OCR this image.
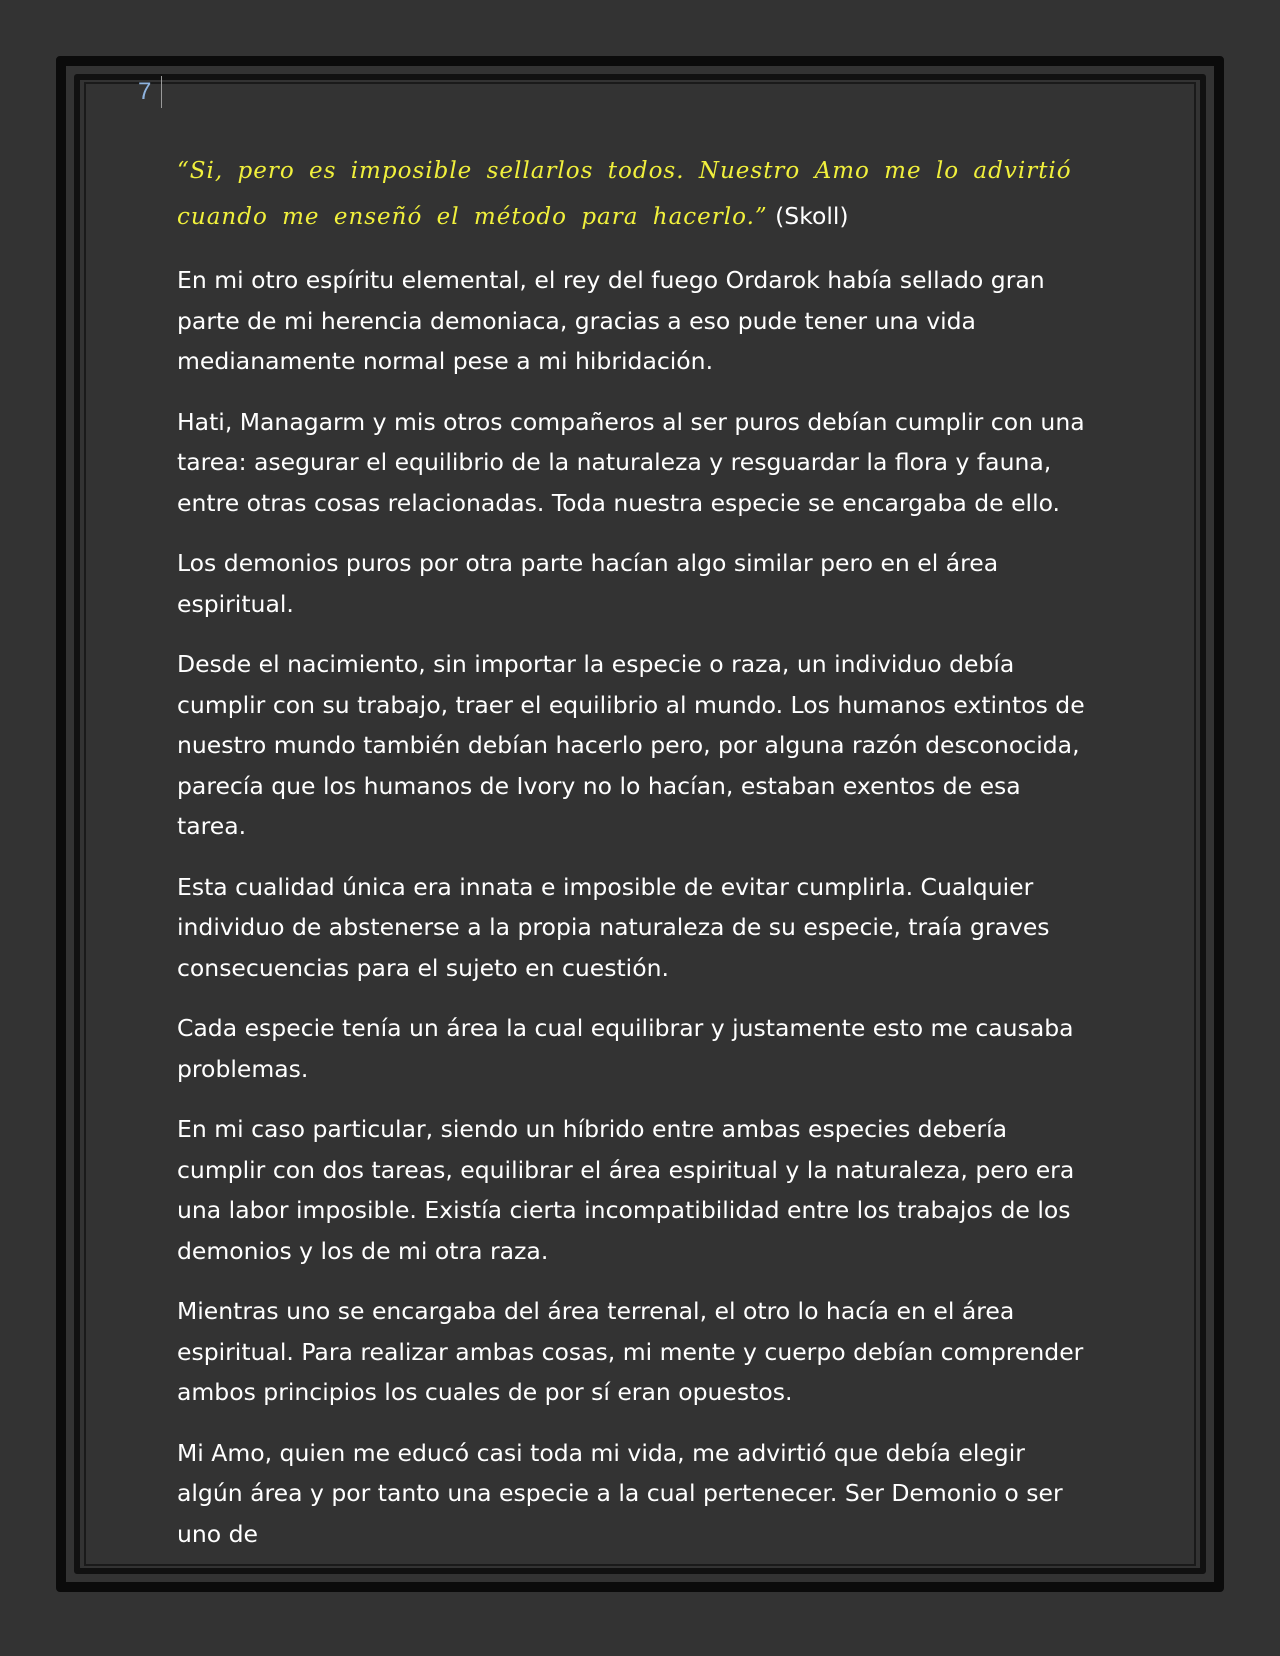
7

“Si, pero es imposible sellarlos todos. Nuestro Amo me lo advirtió cuando me enseñó el método para hacerlo.” (Skoll)

En mi otro espíritu elemental, el rey del fuego Ordarok había sellado gran parte de mi herencia demoniaca, gracias a eso pude tener una vida medianamente normal pese a mi hibridación.

Hati, Managarm y mis otros compañeros al ser puros debían cumplir con una tarea: asegurar el equilibrio de la naturaleza y resguardar la flora y fauna, entre otras cosas relacionadas. Toda nuestra especie se encargaba de ello.

Los demonios puros por otra parte hacían algo similar pero en el área espiritual.

Desde el nacimiento, sin importar la especie o raza, un individuo debía cumplir con su trabajo, traer el equilibrio al mundo. Los humanos extintos de nuestro mundo también debían hacerlo pero, por alguna razón desconocida, parecía que los humanos de Ivory no lo hacían, estaban exentos de esa tarea.

Esta cualidad única era innata e imposible de evitar cumplirla. Cualquier individuo de abstenerse a la propia naturaleza de su especie, traía graves consecuencias para el sujeto en cuestión.

Cada especie tenía un área la cual equilibrar y justamente esto me causaba problemas.

En mi caso particular, siendo un híbrido entre ambas especies debería cumplir con dos tareas, equilibrar el área espiritual y la naturaleza, pero era una labor imposible. Existía cierta incompatibilidad entre los trabajos de los demonios y los de mi otra raza.

Mientras uno se encargaba del área terrenal, el otro lo hacía en el área espiritual. Para realizar ambas cosas, mi mente y cuerpo debían comprender ambos principios los cuales de por sí eran opuestos.

Mi Amo, quien me educó casi toda mi vida, me advirtió que debía elegir algún área y por tanto una especie a la cual pertenecer. Ser Demonio o ser uno de
